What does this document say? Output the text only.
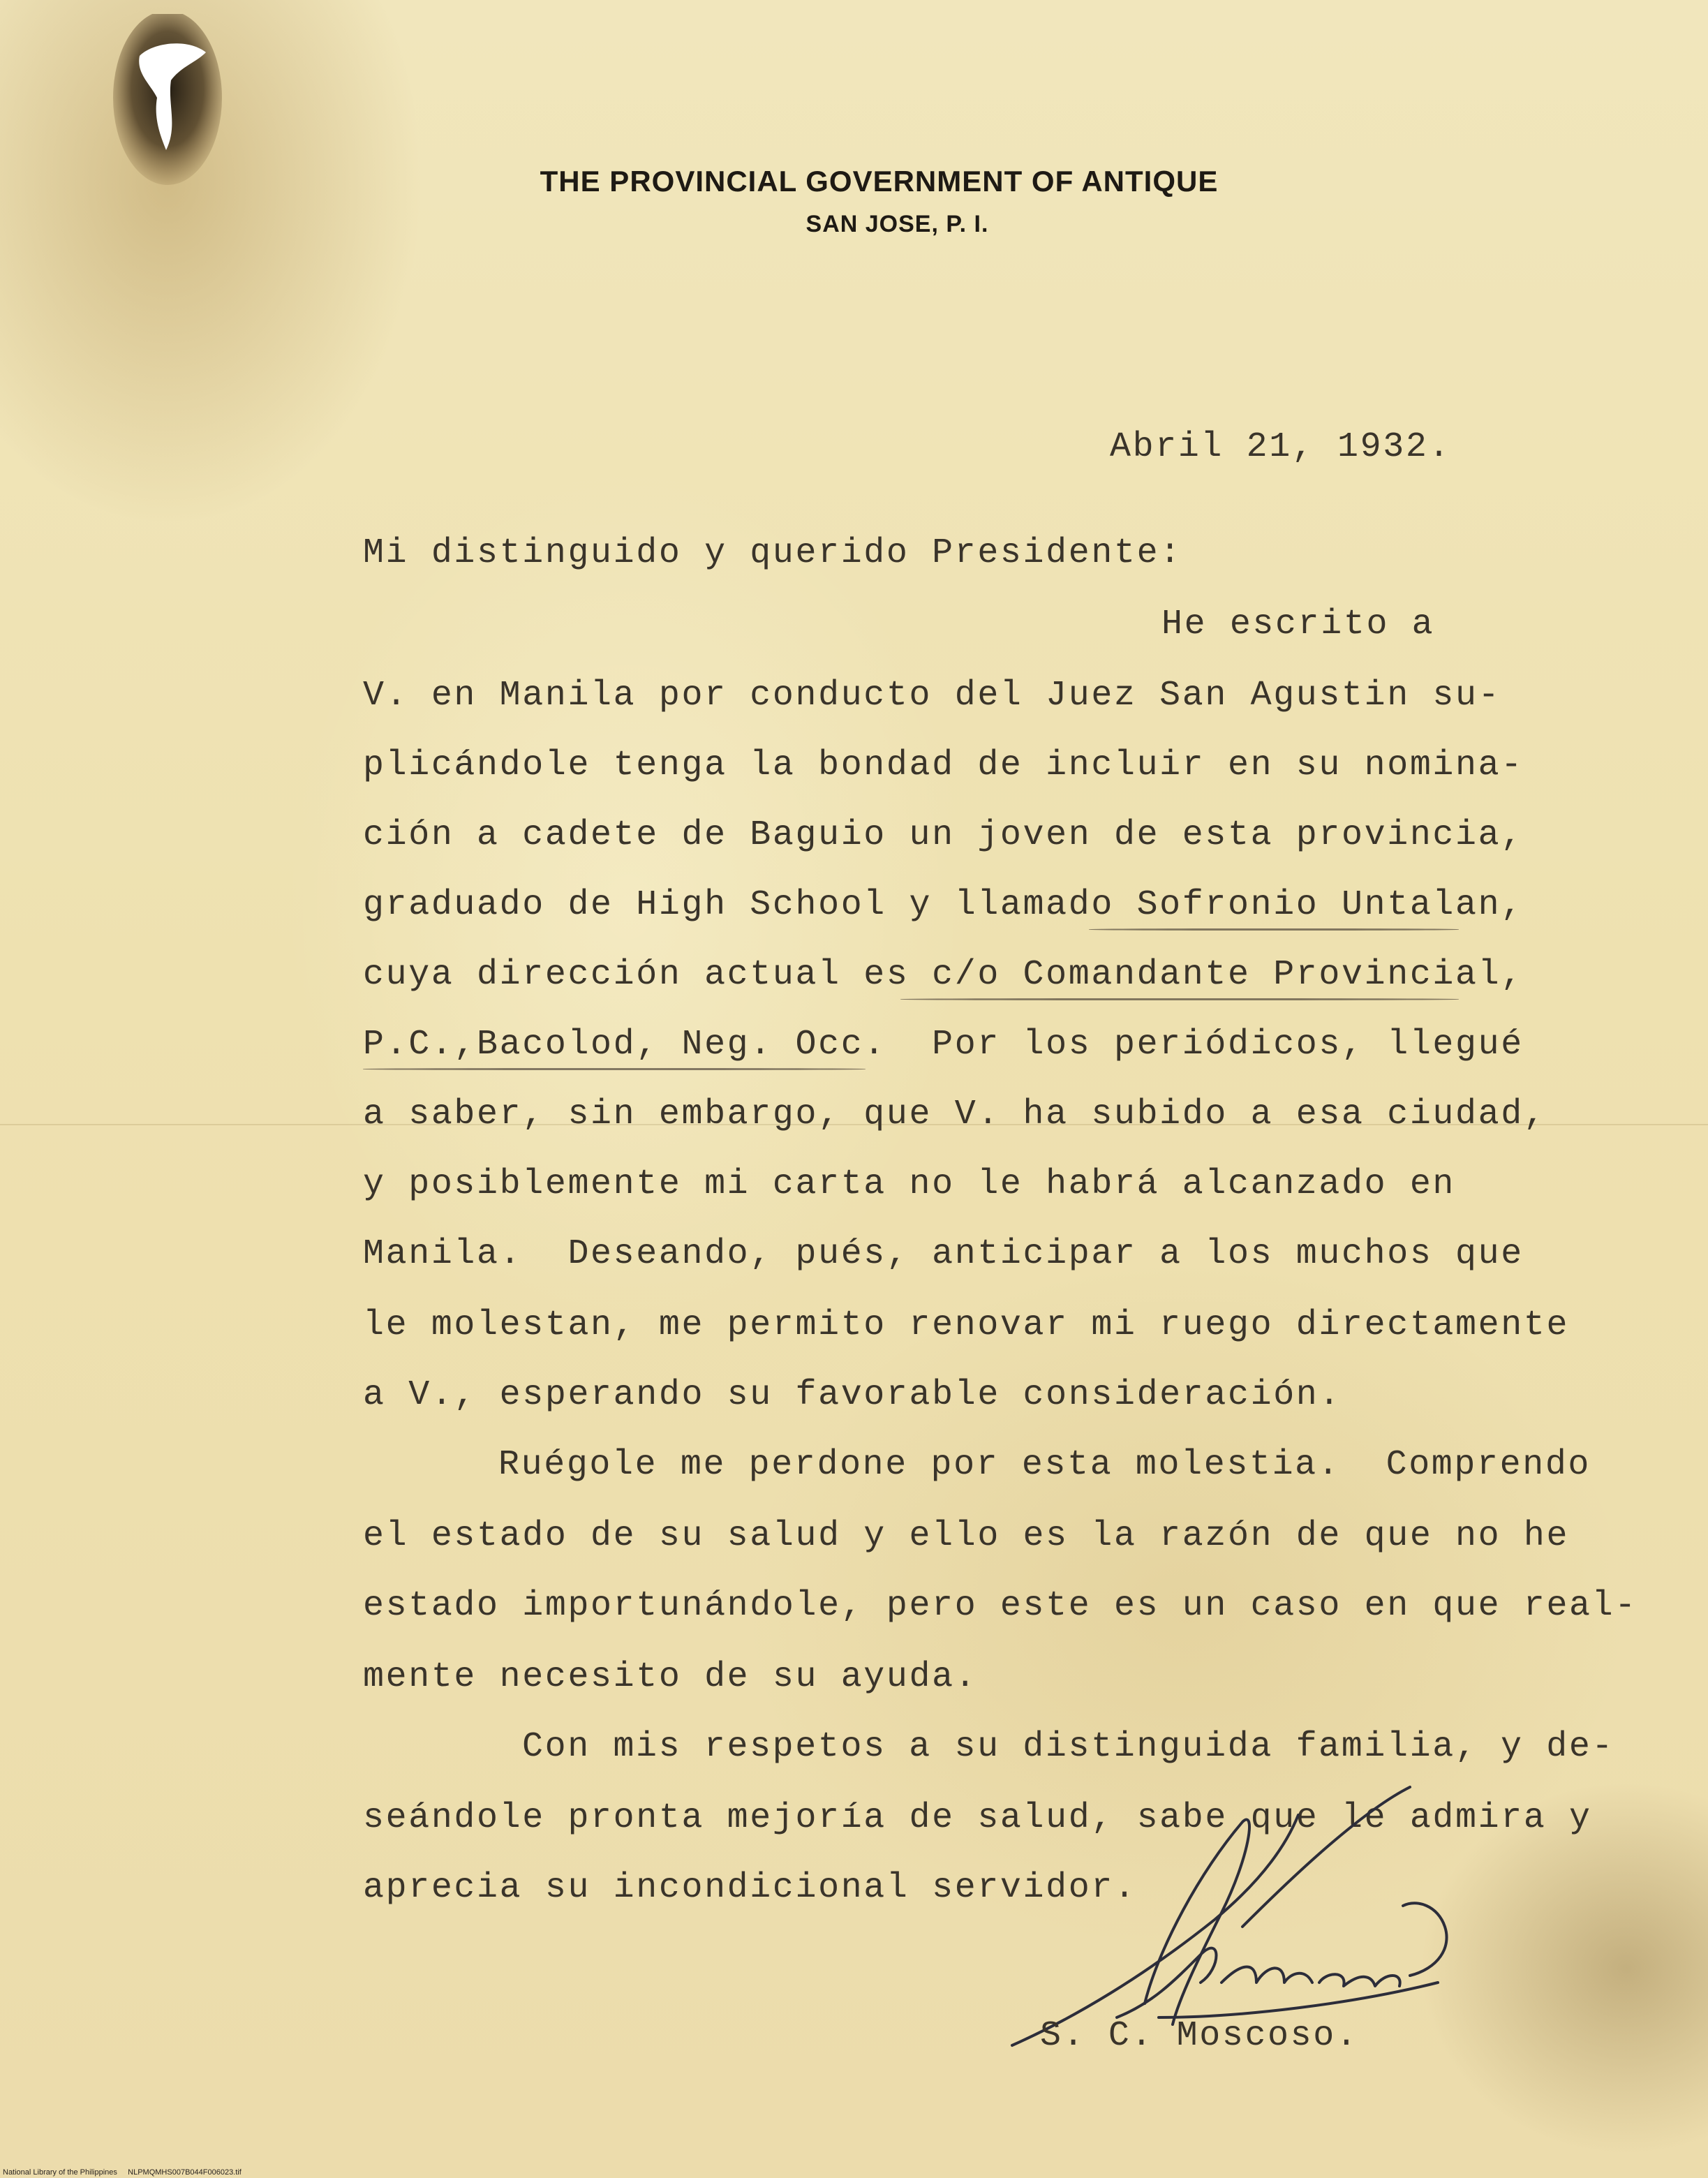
THE PROVINCIAL GOVERNMENT OF ANTIQUE
SAN JOSE, P. I.
Abril 21, 1932.
Mi distinguido y querido Presidente:
He escrito a
V. en Manila por conducto del Juez San Agustin su-
plicándole tenga la bondad de incluir en su nomina-
ción a cadete de Baguio un joven de esta provincia,
graduado de High School y llamado Sofronio Untalan,
cuya dirección actual es c/o Comandante Provincial,
P.C.,Bacolod, Neg. Occ.  Por los periódicos, llegué
a saber, sin embargo, que V. ha subido a esa ciudad,
y posiblemente mi carta no le habrá alcanzado en
Manila.  Deseando, pués, anticipar a los muchos que
le molestan, me permito renovar mi ruego directamente
a V., esperando su favorable consideración.
Ruégole me perdone por esta molestia.  Comprendo
el estado de su salud y ello es la razón de que no he
estado importunándole, pero este es un caso en que real-
mente necesito de su ayuda.
Con mis respetos a su distinguida familia, y de-
seándole pronta mejoría de salud, sabe que le admira y
aprecia su incondicional servidor.
S. C. Moscoso.
National Library of the Philippines     NLPMQMHS007B044F006023.tif
